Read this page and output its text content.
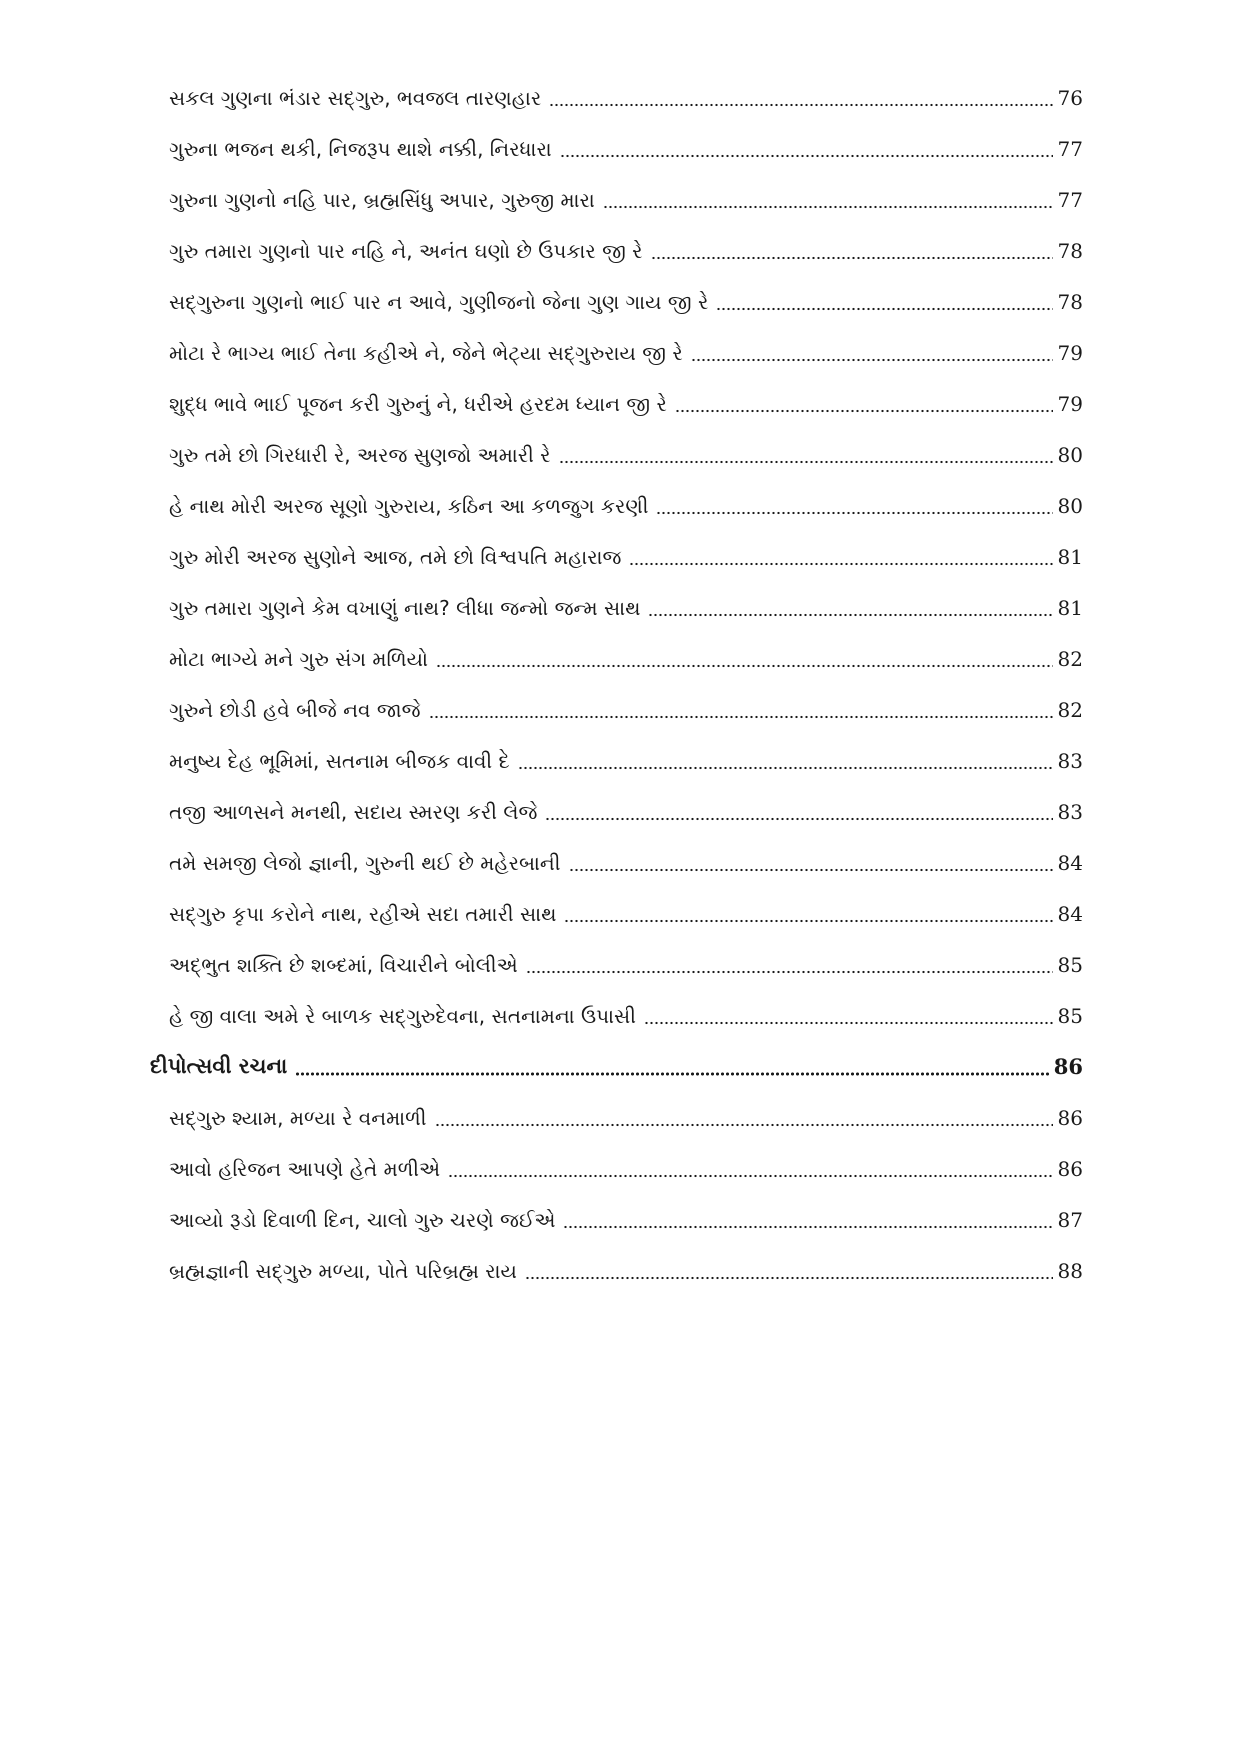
સકલ ગુણના ભંડાર સદ્‌ગુરુ, ભવજલ તારણહાર	76
ગુરુના ભજન થકી, નિજરૂપ થાશે નક્કી, નિરધારા	77
ગુરુના ગુણનો નહિ પાર, બ્રહ્મસિંધુ અપાર, ગુરુજી મારા	77
ગુરુ તમારા ગુણનો પાર નહિ ને, અનંત ઘણો છે ઉપકાર જી રે	78
સદ્‌ગુરુના ગુણનો ભાઈ પાર ન આવે, ગુણીજનો જેના ગુણ ગાય જી રે	78
મોટા રે ભાગ્ય ભાઈ તેના કહીએ ને, જેને ભેટ્યા સદ્‌ગુરુરાય જી રે	79
શુદ્ધ ભાવે ભાઈ પૂજન કરી ગુરુનું ને, ધરીએ હરદમ ધ્યાન જી રે	79
ગુરુ તમે છો ગિરધારી રે, અરજ સુણજો અમારી રે	80
હે નાથ મોરી અરજ સૂણો ગુરુરાય, કઠિન આ કળજુગ કરણી	80
ગુરુ મોરી અરજ સુણોને આજ, તમે છો વિશ્વપતિ મહારાજ	81
ગુરુ તમારા ગુણને કેમ વખાણું નાથ? લીધા જન્મો જન્મ સાથ	81
મોટા ભાગ્યે મને ગુરુ સંગ મળિયો	82
ગુરુને છોડી હવે બીજે નવ જાજે	82
મનુષ્ય દેહ ભૂમિમાં, સતનામ બીજક વાવી દે	83
તજી આળસને મનથી, સદાય સ્મરણ કરી લેજે	83
તમે સમજી લેજો જ્ઞાની, ગુરુની થઈ છે મહેરબાની	84
સદ્‌ગુરુ કૃપા કરોને નાથ, રહીએ સદા તમારી સાથ	84
અદ્‌ભુત શક્તિ છે શબ્દમાં, વિચારીને બોલીએ	85
હે જી વાલા અમે રે બાળક સદ્‌ગુરુદેવના, સતનામના ઉપાસી	85
દીપોત્સવી રચના	86
સદ્‌ગુરુ શ્યામ, મળ્યા રે વનમાળી	86
આવો હરિજન આપણે હેતે મળીએ	86
આવ્યો રૂડો દિવાળી દિન, ચાલો ગુરુ ચરણે જઈએ	87
બ્રહ્મજ્ઞાની સદ્‌ગુરુ મળ્યા, પોતે પરિબ્રહ્મ રાય	88
